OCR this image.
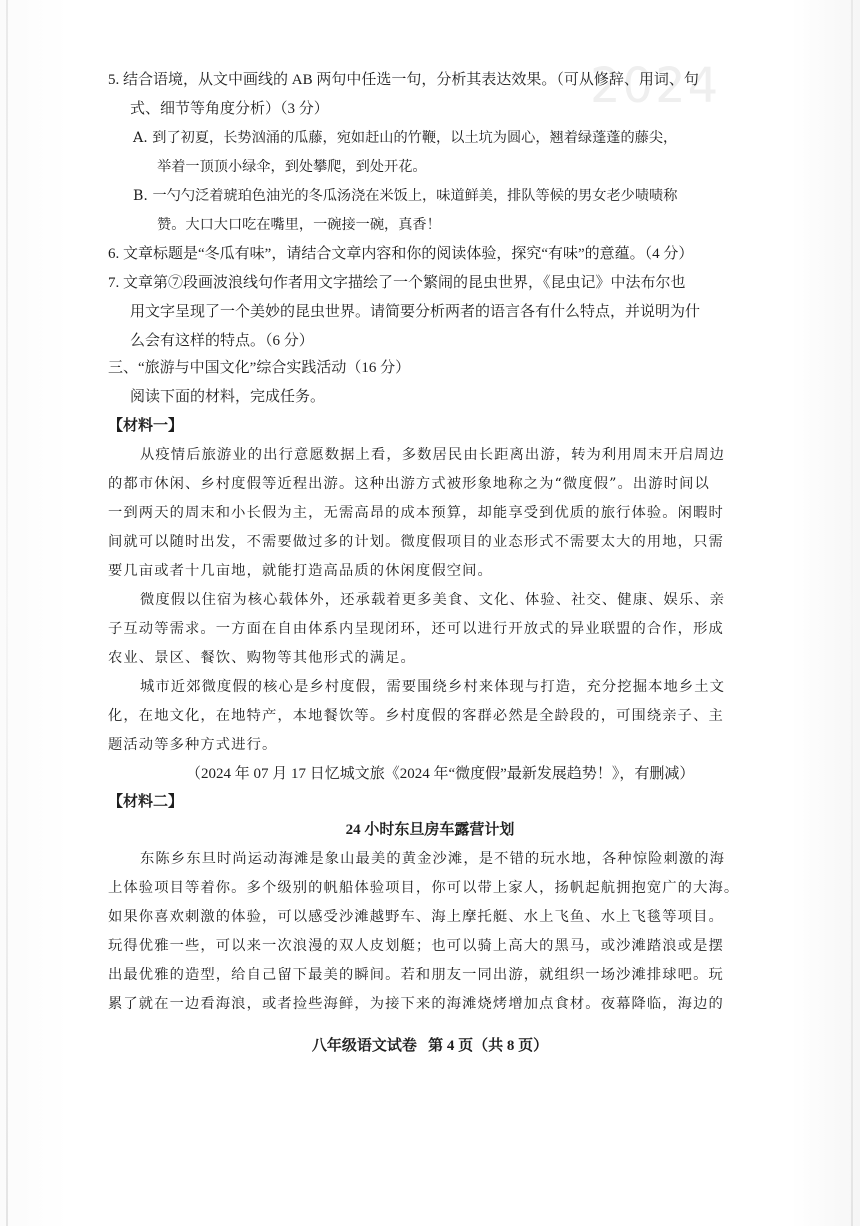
2024
5. 结合语境，从文中画线的 AB 两句中任选一句，分析其表达效果。（可从修辞、用词、句
式、细节等角度分析）（3 分）
A. 到了初夏，长势汹涌的瓜藤，宛如赶山的竹鞭，以土坑为圆心，翘着绿蓬蓬的藤尖，
举着一顶顶小绿伞，到处攀爬，到处开花。
B. 一勺勺泛着琥珀色油光的冬瓜汤浇在米饭上，味道鲜美，排队等候的男女老少啧啧称
赞。大口大口吃在嘴里，一碗接一碗，真香！
6. 文章标题是“冬瓜有味”，请结合文章内容和你的阅读体验，探究“有味”的意蕴。（4 分）
7. 文章第⑦段画波浪线句作者用文字描绘了一个繁闹的昆虫世界，《昆虫记》中法布尔也
用文字呈现了一个美妙的昆虫世界。请简要分析两者的语言各有什么特点，并说明为什
么会有这样的特点。（6 分）
三、“旅游与中国文化”综合实践活动（16 分）
阅读下面的材料，完成任务。
【材料一】
从疫情后旅游业的出行意愿数据上看，多数居民由长距离出游，转为利用周末开启周边
的都市休闲、乡村度假等近程出游。这种出游方式被形象地称之为“微度假”。出游时间以
一到两天的周末和小长假为主，无需高昂的成本预算，却能享受到优质的旅行体验。闲暇时
间就可以随时出发，不需要做过多的计划。微度假项目的业态形式不需要太大的用地，只需
要几亩或者十几亩地，就能打造高品质的休闲度假空间。
微度假以住宿为核心载体外，还承载着更多美食、文化、体验、社交、健康、娱乐、亲
子互动等需求。一方面在自由体系内呈现闭环，还可以进行开放式的异业联盟的合作，形成
农业、景区、餐饮、购物等其他形式的满足。
城市近郊微度假的核心是乡村度假，需要围绕乡村来体现与打造，充分挖掘本地乡土文
化，在地文化，在地特产，本地餐饮等。乡村度假的客群必然是全龄段的，可围绕亲子、主
题活动等多种方式进行。
（2024 年 07 月 17 日忆城文旅《2024 年“微度假”最新发展趋势！》，有删减）
【材料二】
24 小时东旦房车露营计划
东陈乡东旦时尚运动海滩是象山最美的黄金沙滩，是不错的玩水地，各种惊险刺激的海
上体验项目等着你。多个级别的帆船体验项目，你可以带上家人，扬帆起航拥抱宽广的大海。
如果你喜欢刺激的体验，可以感受沙滩越野车、海上摩托艇、水上飞鱼、水上飞毯等项目。
玩得优雅一些，可以来一次浪漫的双人皮划艇；也可以骑上高大的黑马，或沙滩踏浪或是摆
出最优雅的造型，给自己留下最美的瞬间。若和朋友一同出游，就组织一场沙滩排球吧。玩
累了就在一边看海浪，或者捡些海鲜，为接下来的海滩烧烤增加点食材。夜幕降临，海边的
八年级语文试卷   第 4 页（共 8 页）
